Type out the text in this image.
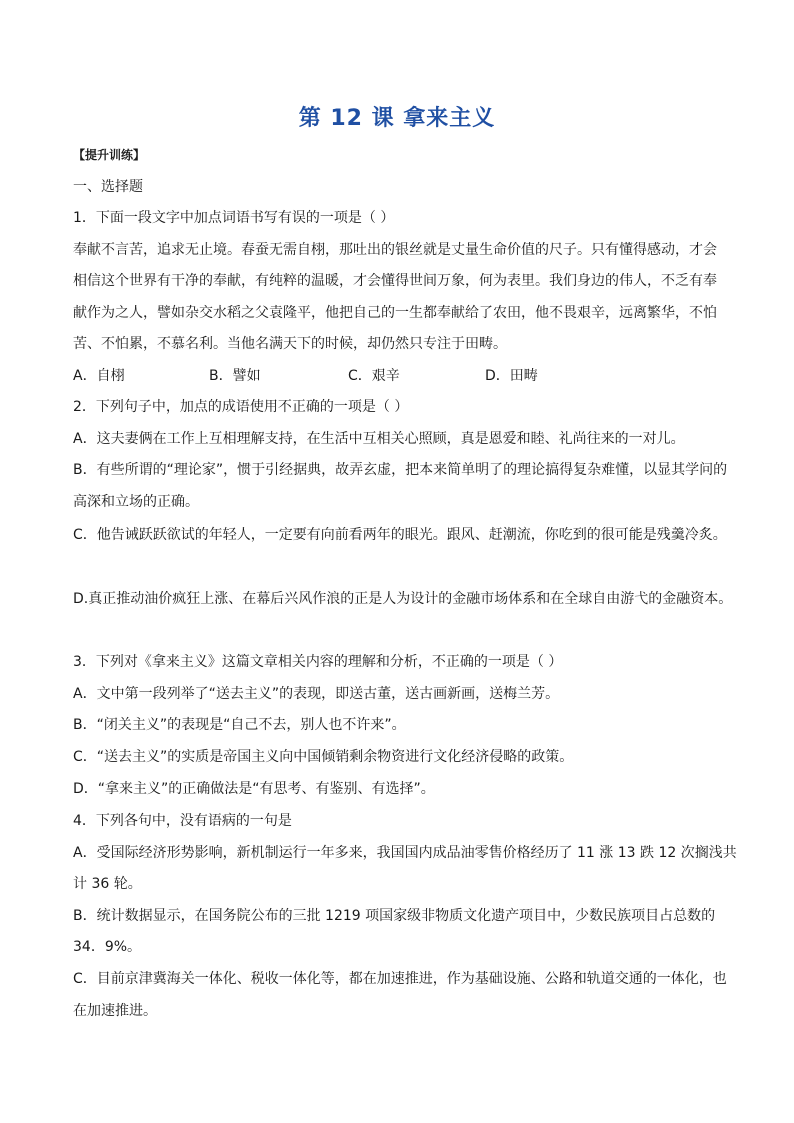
第 12 课 拿来主义
【提升训练】
一、选择题
1．下面一段文字中加点词语书写有误的一项是（ ）
奉献不言苦，追求无止境。春蚕无需自栩，那吐出的银丝就是丈量生命价值的尺子。只有懂得感动，才会
相信这个世界有干净的奉献，有纯粹的温暖，才会懂得世间万象，何为表里。我们身边的伟人，不乏有奉
献作为之人，譬如杂交水稻之父袁隆平，他把自己的一生都奉献给了农田，他不畏艰辛，远离繁华，不怕
苦、不怕累，不慕名利。当他名满天下的时候，却仍然只专注于田畴。
A．自栩	B．譬如	C．艰辛	D．田畴
2．下列句子中，加点的成语使用不正确的一项是（ ）
A．这夫妻俩在工作上互相理解支持，在生活中互相关心照顾，真是恩爱和睦、礼尚往来的一对儿。
B．有些所谓的“理论家”，惯于引经据典，故弄玄虚，把本来简单明了的理论搞得复杂难懂，以显其学问的
高深和立场的正确。
C．他告诫跃跃欲试的年轻人，一定要有向前看两年的眼光。跟风、赶潮流，你吃到的很可能是残羹冷炙。
D.真正推动油价疯狂上涨、在幕后兴风作浪的正是人为设计的金融市场体系和在全球自由游弋的金融资本。
3．下列对《拿来主义》这篇文章相关内容的理解和分析，不正确的一项是（ ）
A．文中第一段列举了“送去主义”的表现，即送古董，送古画新画，送梅兰芳。
B．“闭关主义”的表现是“自己不去，别人也不许来”。
C．“送去主义”的实质是帝国主义向中国倾销剩余物资进行文化经济侵略的政策。
D．“拿来主义”的正确做法是“有思考、有鉴别、有选择”。
4．下列各句中，没有语病的一句是
A．受国际经济形势影响，新机制运行一年多来，我国国内成品油零售价格经历了 11 涨 13 跌 12 次搁浅共
计 36 轮。
B．统计数据显示，在国务院公布的三批 1219 项国家级非物质文化遗产项目中，少数民族项目占总数的
34．9%。
C．目前京津冀海关一体化、税收一体化等，都在加速推进，作为基础设施、公路和轨道交通的一体化，也
在加速推进。
